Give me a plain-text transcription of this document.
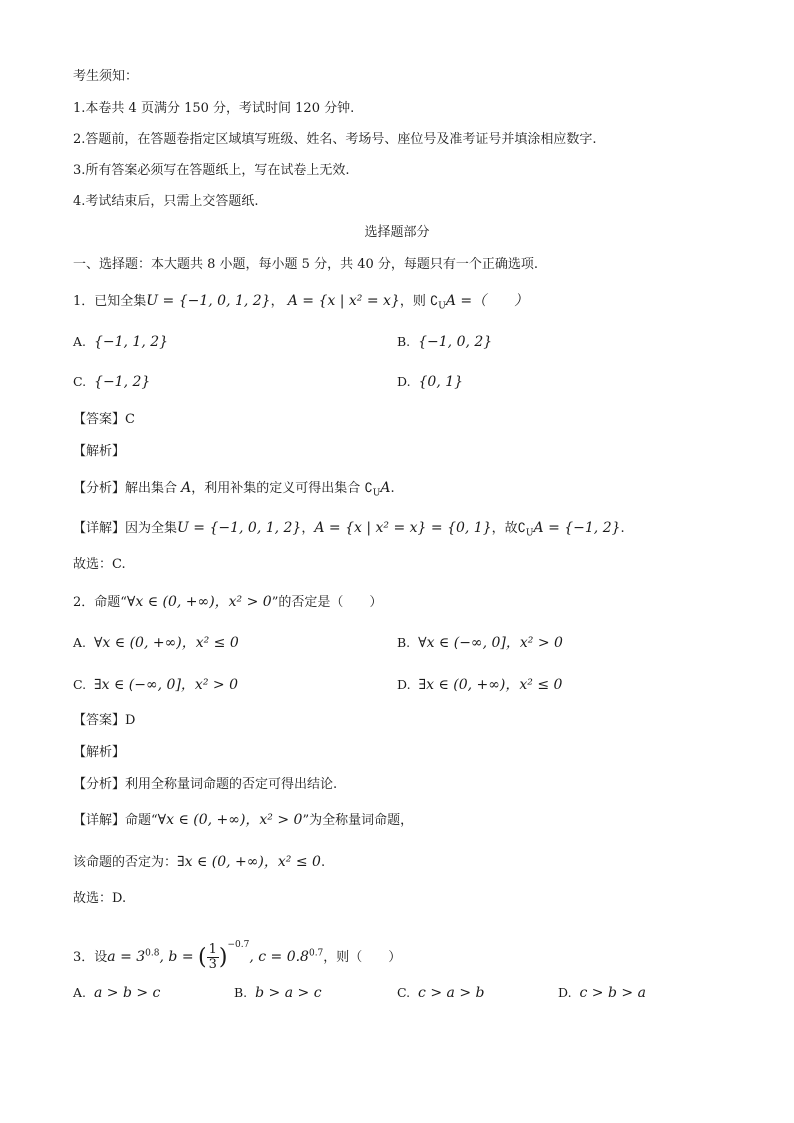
考生须知：
1.本卷共 4 页满分 150 分，考试时间 120 分钟.
2.答题前，在答题卷指定区域填写班级、姓名、考场号、座位号及准考证号并填涂相应数字.
3.所有答案必须写在答题纸上，写在试卷上无效.
4.考试结束后，只需上交答题纸.
选择题部分
一、选择题：本大题共 8 小题，每小题 5 分，共 40 分，每题只有一个正确选项.
1．已知全集U = {−1, 0, 1, 2}， A = {x | x² = x}，则 $∁_UA$ =（　　）
A. {−1, 1, 2}	B. {−1, 0, 2}
C. {−1, 2}	D. {0, 1}
【答案】C
【解析】
【分析】解出集合 A，利用补集的定义可得出集合 $∁_UA$.
【详解】因为全集U = {−1, 0, 1, 2}，A = {x | x² = x} = {0, 1}，故$∁_UA = \{-1$, 2}.
故选：C.
2．命题“∀x ∈ (0, +∞)，x² > 0”的否定是（　　）
A. ∀x ∈ (0, +∞)，x² ≤ 0	B. ∀x ∈ (−∞, 0]，x² > 0
C. ∃x ∈ (−∞, 0]，x² > 0	D. ∃x ∈ (0, +∞)，x² ≤ 0
【答案】D
【解析】
【分析】利用全称量词命题的否定可得出结论.
【详解】命题“∀x ∈ (0, +∞)，x² > 0”为全称量词命题，
该命题的否定为：∃x ∈ (0, +∞)，x² ≤ 0.
故选：D.
3．设$a = 3^{0.8}$, b = ( $\frac{1}{3} )^{-0.7}$, $c = 0.8^{0.7}$，则（　　）
A. a > b > c	B. b > a > c	C. c > a > b	D. c > b > a
